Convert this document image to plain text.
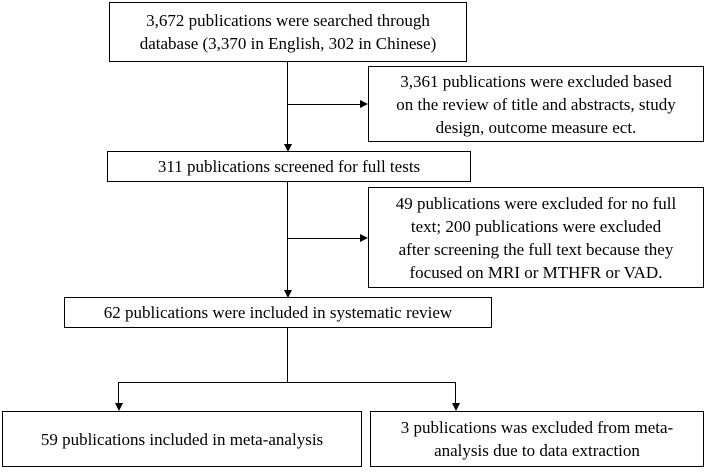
3,672 publications were searched through
database (3,370 in English, 302 in Chinese)
3,361 publications were excluded based
on the review of title and abstracts, study
design, outcome measure ect.
311 publications screened for full tests
49 publications were excluded for no full
text; 200 publications were excluded
after screening the full text because they
focused on MRI or MTHFR or VAD.
62 publications were included in systematic review
59 publications included in meta-analysis
3 publications was excluded from meta-
analysis due to data extraction
